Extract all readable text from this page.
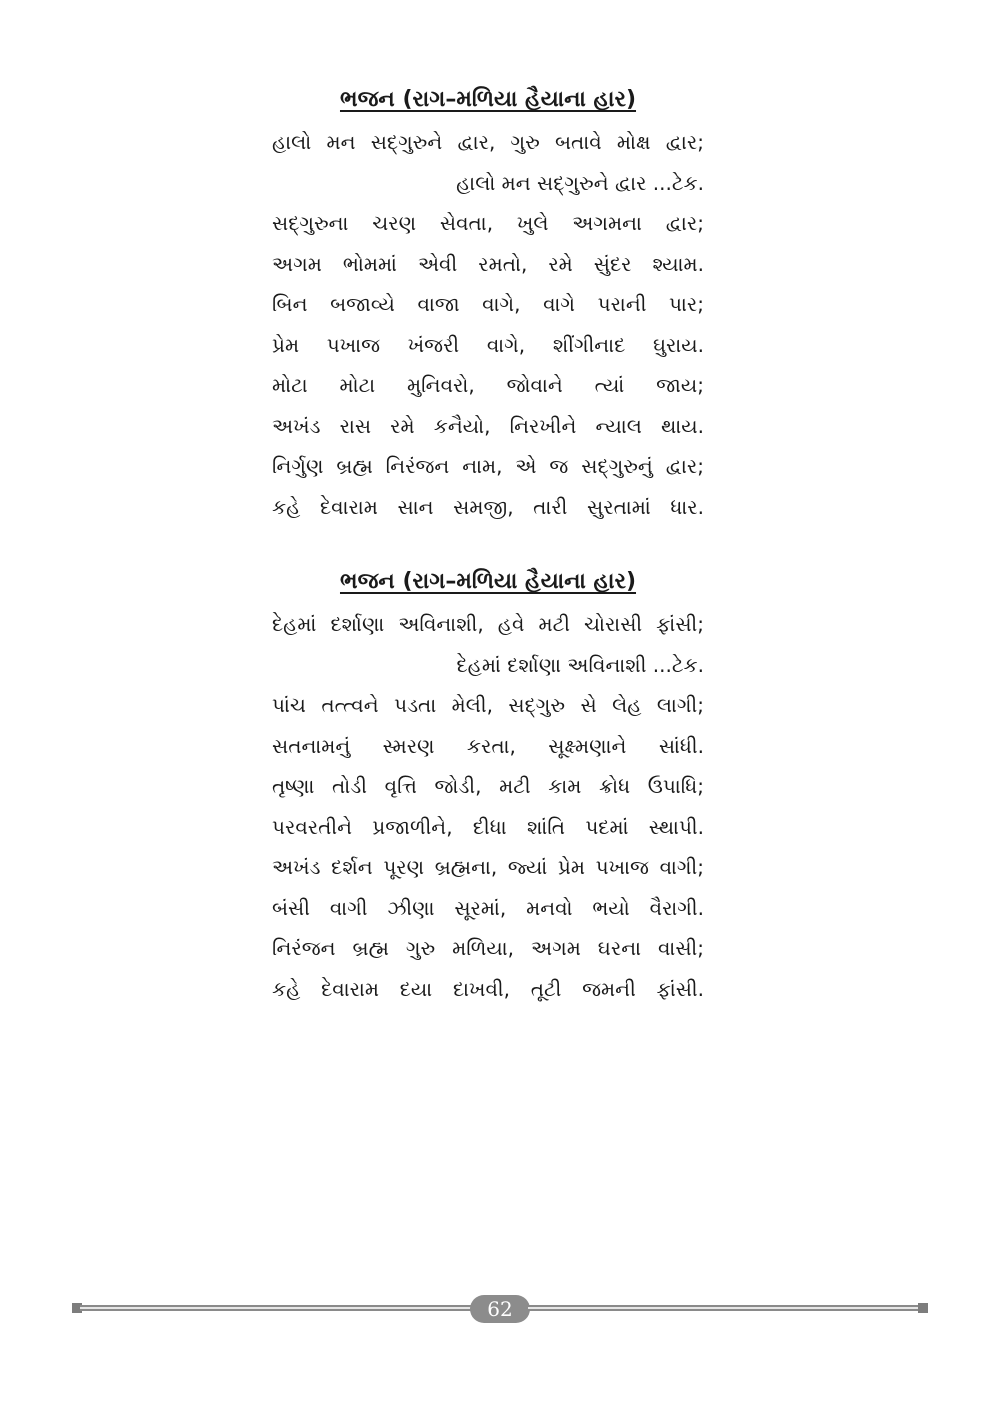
ભજન (રાગ–મળિયા હૈયાના હાર)
હાલો મન સદ્‌ગુરુને દ્વાર, ગુરુ બતાવે મોક્ષ દ્વાર;
હાલો મન સદ્‌ગુરુને દ્વાર ...ટેક.
સદ્‌ગુરુના ચરણ સેવતા, ખુલે અગમના દ્વાર;
અગમ ભોમમાં એવી રમતો, રમે સુંદર શ્યામ.
બિન બજાવ્યે વાજા વાગે, વાગે પરાની પાર;
પ્રેમ પખાજ ખંજરી વાગે, શીંગીનાદ ઘુરાય.
મોટા મોટા મુનિવરો, જોવાને ત્યાં જાય;
અખંડ રાસ રમે કનૈયો, નિરખીને ન્યાલ થાય.
નિર્ગુણ બ્રહ્મ નિરંજન નામ, એ જ સદ્‌ગુરુનું દ્વાર;
કહે દેવારામ સાન સમજી, તારી સુરતામાં ધાર.
ભજન (રાગ–મળિયા હૈયાના હાર)
દેહમાં દર્શાણા અવિનાશી, હવે મટી ચોરાસી ફાંસી;
દેહમાં દર્શાણા અવિનાશી ...ટેક.
પાંચ તત્ત્વને પડતા મેલી, સદ્‌ગુરુ સે લેહ લાગી;
સતનામનું સ્મરણ કરતા, સૂક્ષ્મણાને સાંધી.
તૃષ્ણા તોડી વૃત્તિ જોડી, મટી કામ ક્રોધ ઉપાધિ;
પરવરતીને પ્રજાળીને, દીધા શાંતિ પદમાં સ્થાપી.
અખંડ દર્શન પૂરણ બ્રહ્મના, જ્યાં પ્રેમ પખાજ વાગી;
બંસી વાગી ઝીણા સૂરમાં, મનવો ભયો વૈરાગી.
નિરંજન બ્રહ્મ ગુરુ મળિયા, અગમ ઘરના વાસી;
કહે દેવારામ દયા દાખવી, તૂટી જમની ફાંસી.
62
